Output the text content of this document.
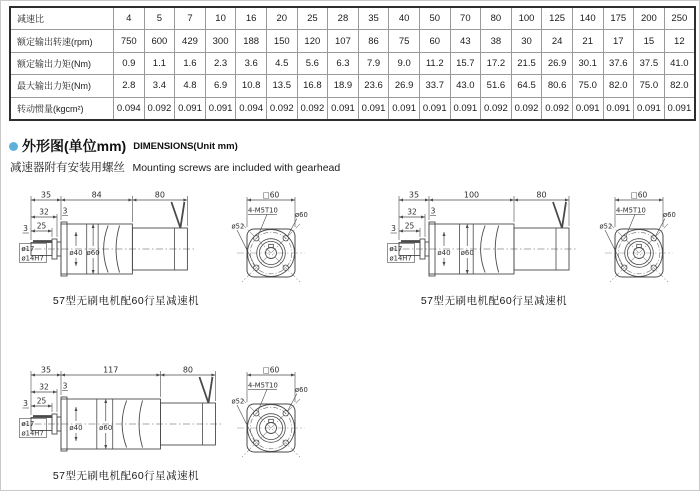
减速比	4	5	7	10	16	20	25	28	35	40	50	70	80	100	125	140	175	200	250
额定输出转速(rpm)	750	600	429	300	188	150	120	107	86	75	60	43	38	30	24	21	17	15	12
额定输出力矩(Nm)	0.9	1.1	1.6	2.3	3.6	4.5	5.6	6.3	7.9	9.0	11.2	15.7	17.2	21.5	26.9	30.1	37.6	37.5	41.0
最大输出力矩(Nm)	2.8	3.4	4.8	6.9	10.8	13.5	16.8	18.9	23.6	26.9	33.7	43.0	51.6	64.5	80.6	75.0	82.0	75.0	82.0
转动惯量(kgcm²)	0.094	0.092	0.091	0.091	0.094	0.092	0.092	0.091	0.091	0.091	0.091	0.091	0.092	0.092	0.092	0.091	0.091	0.091	0.091
外形图(单位mm) DIMENSIONS(Unit mm)
减速器附有安装用螺丝 Mounting screws are included with gearhead
35	84	80
32 3
25
3
ø17
ø14H7
ø40 ø60
□60
4-M5T10
ø60
ø52
57型无刷电机配60行星减速机
35	100	80
32 3
25
3
ø17
ø14H7
ø40 ø60
□60
4-M5T10
ø60
ø52
57型无刷电机配60行星减速机
35	117	80
32 3
25
3
ø17
ø14H7
ø40 ø60
□60
4-M5T10
ø60
ø52
57型无刷电机配60行星减速机
